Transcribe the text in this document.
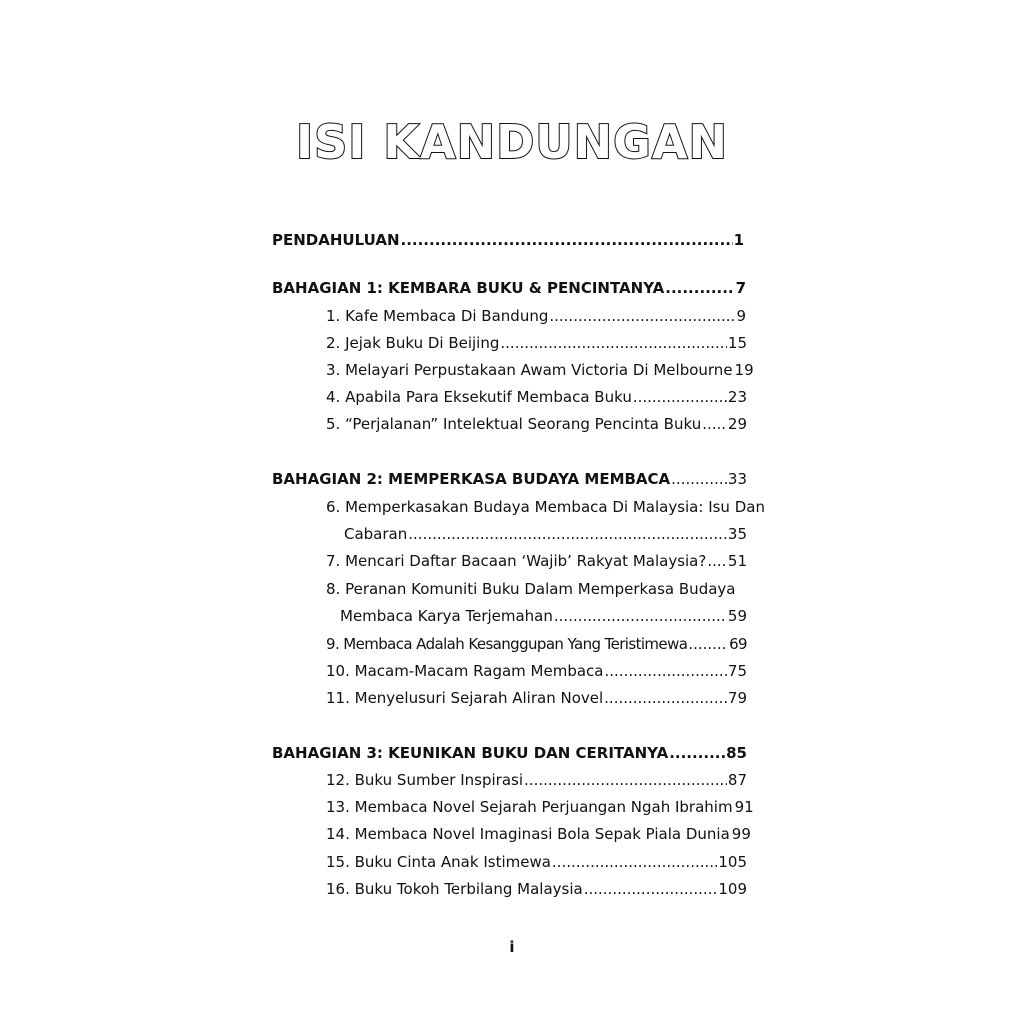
ISI KANDUNGAN
PENDAHULUAN .....	1
BAHAGIAN 1: KEMBARA BUKU & PENCINTANYA .....	7
1. Kafe Membaca Di Bandung .....	9
2. Jejak Buku Di Beijing .....	15
3. Melayari Perpustakaan Awam Victoria Di Melbourne 19
4. Apabila Para Eksekutif Membaca Buku .....	23
5. “Perjalanan” Intelektual Seorang Pencinta Buku ..... 29
BAHAGIAN 2: MEMPERKASA BUDAYA MEMBACA .....	33
6. Memperkasakan Budaya Membaca Di Malaysia: Isu Dan
Cabaran .....	35
7. Mencari Daftar Bacaan ‘Wajib’ Rakyat Malaysia? ..... 51
8. Peranan Komuniti Buku Dalam Memperkasa Budaya
Membaca Karya Terjemahan .....	59
9. Membaca Adalah Kesanggupan Yang Teristimewa .....	69
10. Macam-Macam Ragam Membaca .....	75
11. Menyelusuri Sejarah Aliran Novel .....	79
BAHAGIAN 3: KEUNIKAN BUKU DAN CERITANYA .....	85
12. Buku Sumber Inspirasi .....	87
13. Membaca Novel Sejarah Perjuangan Ngah Ibrahim 91
14. Membaca Novel Imaginasi Bola Sepak Piala Dunia 99
15. Buku Cinta Anak Istimewa .....	105
16. Buku Tokoh Terbilang Malaysia .....	109
i
